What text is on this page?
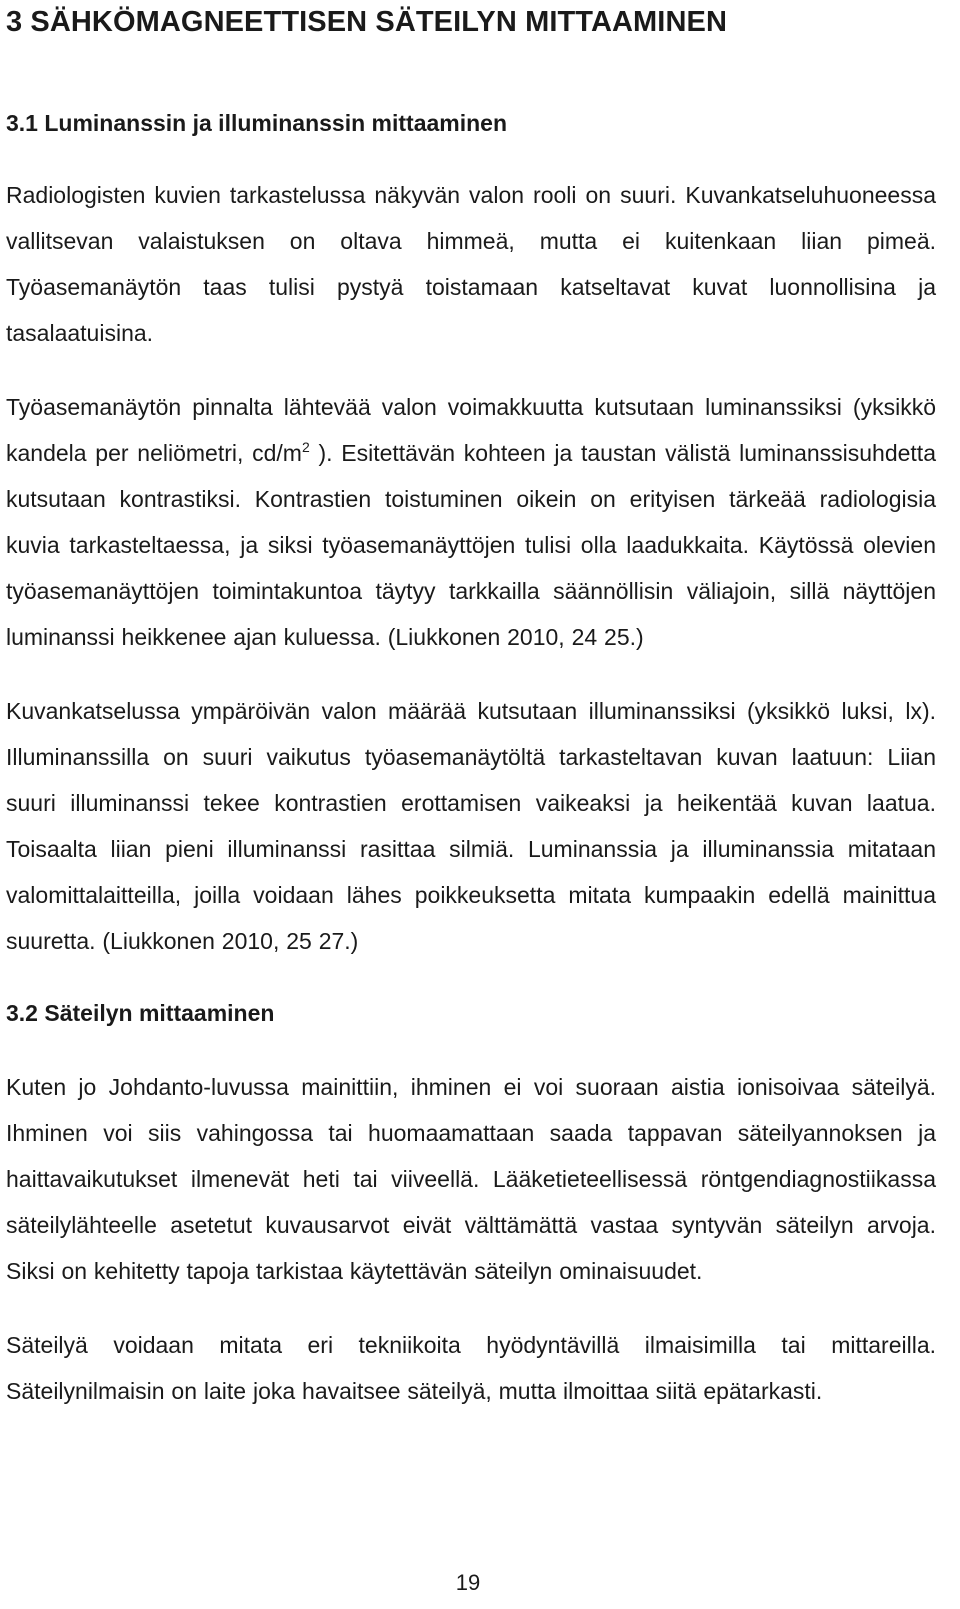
3 SÄHKÖMAGNEETTISEN SÄTEILYN MITTAAMINEN
3.1 Luminanssin ja illuminanssin mittaaminen

Radiologisten kuvien tarkastelussa näkyvän valon rooli on suuri. Kuvankatseluhuoneessa vallitsevan valaistuksen on oltava himmeä, mutta ei kuitenkaan liian pimeä. Työasemanäytön taas tulisi pystyä toistamaan katseltavat kuvat luonnollisina ja tasalaatuisina.

Työasemanäytön pinnalta lähtevää valon voimakkuutta kutsutaan luminanssiksi (yksikkö kandela per neliömetri, $cd/m^2$ ). Esitettävän kohteen ja taustan välistä luminanssisuhdetta kutsutaan kontrastiksi. Kontrastien toistuminen oikein on erityisen tärkeää radiologisia kuvia tarkasteltaessa, ja siksi työasemanäyttöjen tulisi olla laadukkaita. Käytössä olevien työasemanäyttöjen toimintakuntoa täytyy tarkkailla säännöllisin väliajoin, sillä näyttöjen luminanssi heikkenee ajan kuluessa. (Liukkonen 2010, 24 25.)

Kuvankatselussa ympäröivän valon määrää kutsutaan illuminanssiksi (yksikkö luksi, lx). Illuminanssilla on suuri vaikutus työasemanäytöltä tarkasteltavan kuvan laatuun: Liian suuri illuminanssi tekee kontrastien erottamisen vaikeaksi ja heikentää kuvan laatua. Toisaalta liian pieni illuminanssi rasittaa silmiä. Luminanssia ja illuminanssia mitataan valomittalaitteilla, joilla voidaan lähes poikkeuksetta mitata kumpaakin edellä mainittua suuretta. (Liukkonen 2010, 25 27.)

3.2 Säteilyn mittaaminen

Kuten jo Johdanto-luvussa mainittiin, ihminen ei voi suoraan aistia ionisoivaa säteilyä. Ihminen voi siis vahingossa tai huomaamattaan saada tappavan säteilyannoksen ja haittavaikutukset ilmenevät heti tai viiveellä. Lääketieteellisessä röntgendiagnostiikassa säteilylähteelle asetetut kuvausarvot eivät välttämättä vastaa syntyvän säteilyn arvoja. Siksi on kehitetty tapoja tarkistaa käytettävän säteilyn ominaisuudet.

Säteilyä voidaan mitata eri tekniikoita hyödyntävillä ilmaisimilla tai mittareilla. Säteilynilmaisin on laite joka havaitsee säteilyä, mutta ilmoittaa siitä epätarkasti.

19
